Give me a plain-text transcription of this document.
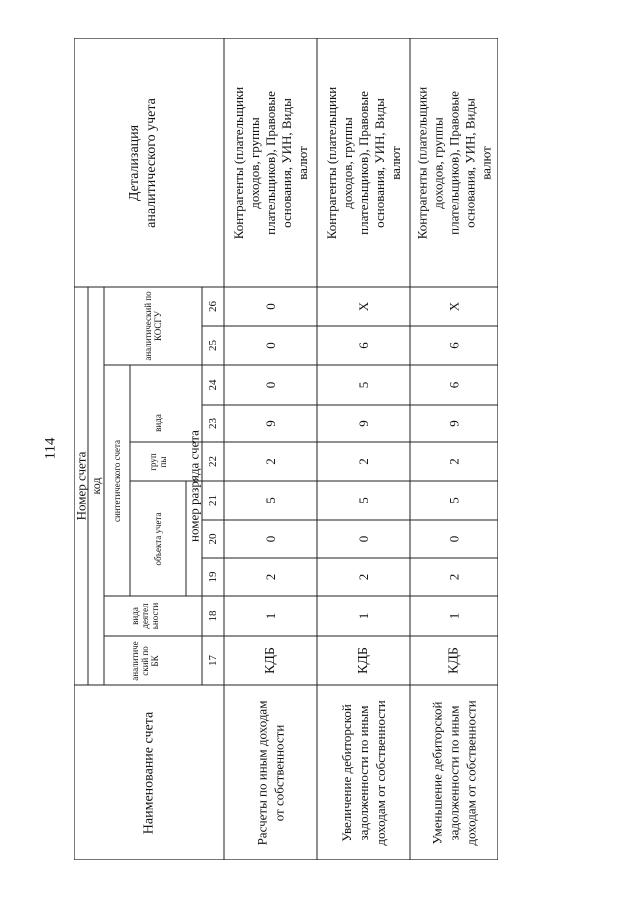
114
Наименование счета
Номер счета код
аналитиче ский по БК
вида деятел ьности
синтетического счета
объекта учета
груп пы
вида
аналитический по КОСГУ
номер разряда счета
Детализация аналитического учета
17
18
19
20
21
22
23
24
25
26
Расчеты по иным доходам от собственности
КДБ
1
2
0
5
2
9
0
0
0
Контрагенты (плательщики доходов, группы плательщиков), Правовые основания, УИН, Виды валют
Увеличение дебиторской задолженности по иным доходам от собственности
КДБ
1
2
0
5
2
9
5
6
X
Контрагенты (плательщики доходов, группы плательщиков), Правовые основания, УИН, Виды валют
Уменьшение дебиторской задолженности по иным доходам от собственности
КДБ
1
2
0
5
2
9
6
6
X
Контрагенты (плательщики доходов, группы плательщиков), Правовые основания, УИН, Виды валют
